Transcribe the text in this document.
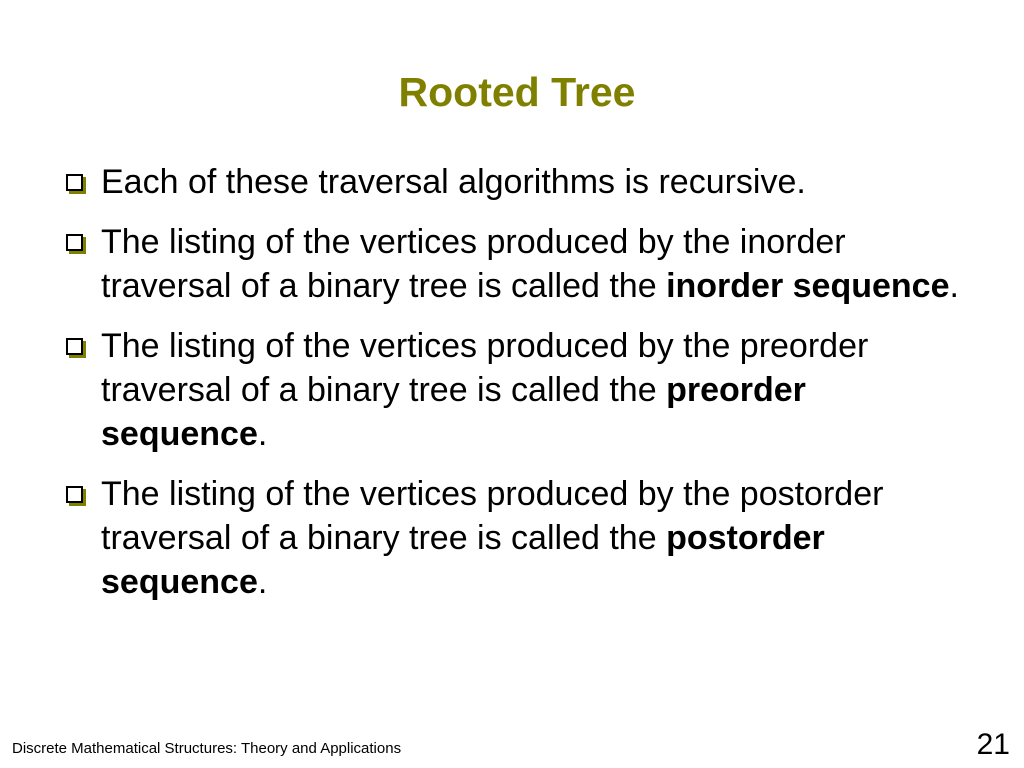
Rooted Tree
Each of these traversal algorithms is recursive.
The listing of the vertices produced by the inorder traversal of a binary tree is called the inorder sequence.
The listing of the vertices produced by the preorder traversal of a binary tree is called the preorder sequence.
The listing of the vertices produced by the postorder traversal of a binary tree is called the postorder sequence.
Discrete Mathematical Structures: Theory and Applications	21
